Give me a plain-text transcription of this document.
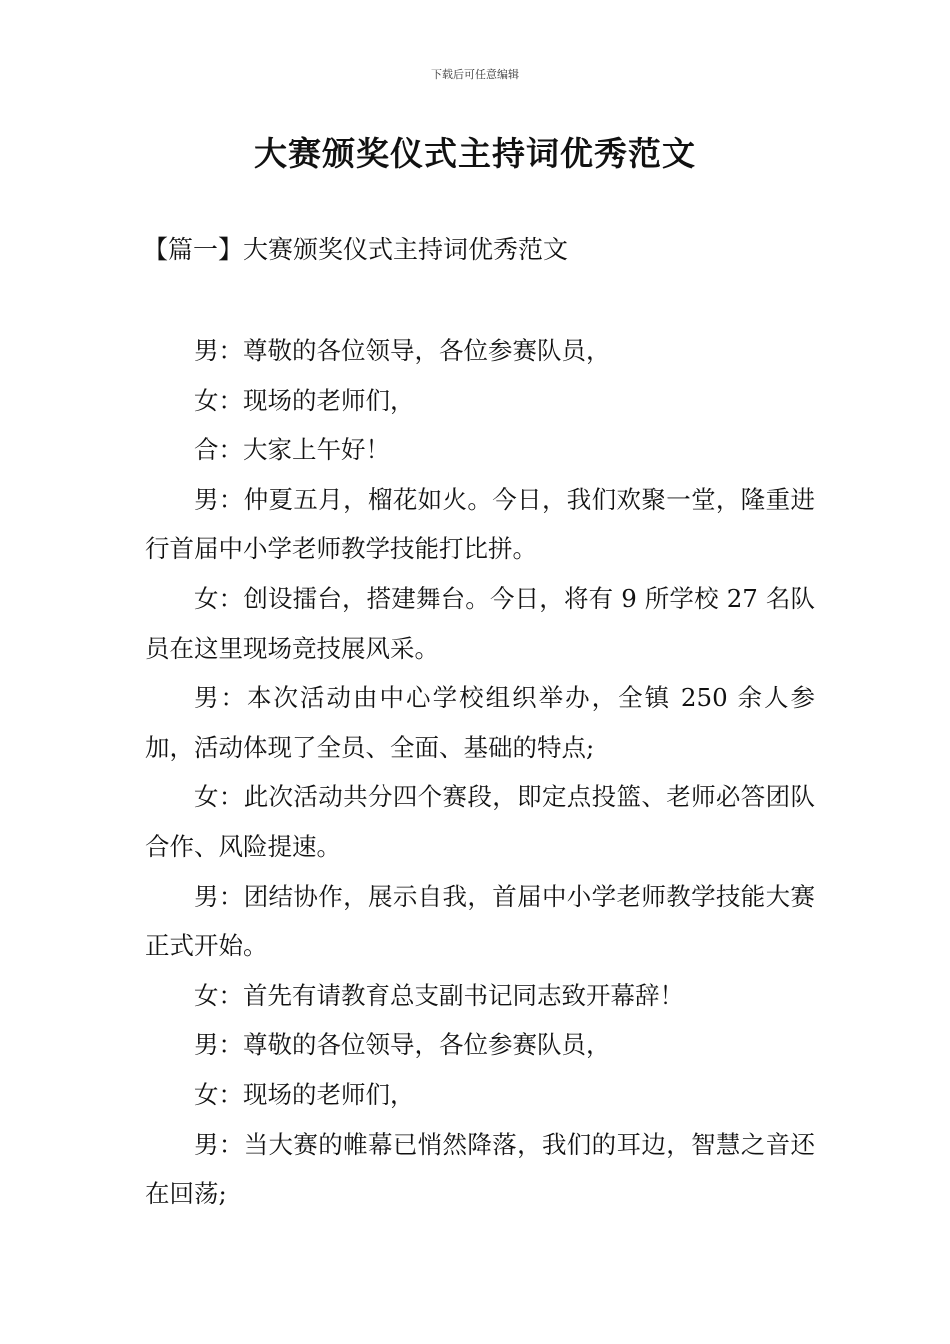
下载后可任意编辑
大赛颁奖仪式主持词优秀范文
【篇一】大赛颁奖仪式主持词优秀范文

男：尊敬的各位领导，各位参赛队员，

女：现场的老师们，

合：大家上午好！

男：仲夏五月，榴花如火。今日，我们欢聚一堂，隆重进行首届中小学老师教学技能打比拼。

女：创设擂台，搭建舞台。今日，将有 9 所学校 27 名队员在这里现场竞技展风采。

男：本次活动由中心学校组织举办，全镇 250 余人参加，活动体现了全员、全面、基础的特点;

女：此次活动共分四个赛段，即定点投篮、老师必答团队合作、风险提速。

男：团结协作，展示自我，首届中小学老师教学技能大赛正式开始。

女：首先有请教育总支副书记同志致开幕辞！

男：尊敬的各位领导，各位参赛队员，

女：现场的老师们，

男：当大赛的帷幕已悄然降落，我们的耳边，智慧之音还在回荡;
